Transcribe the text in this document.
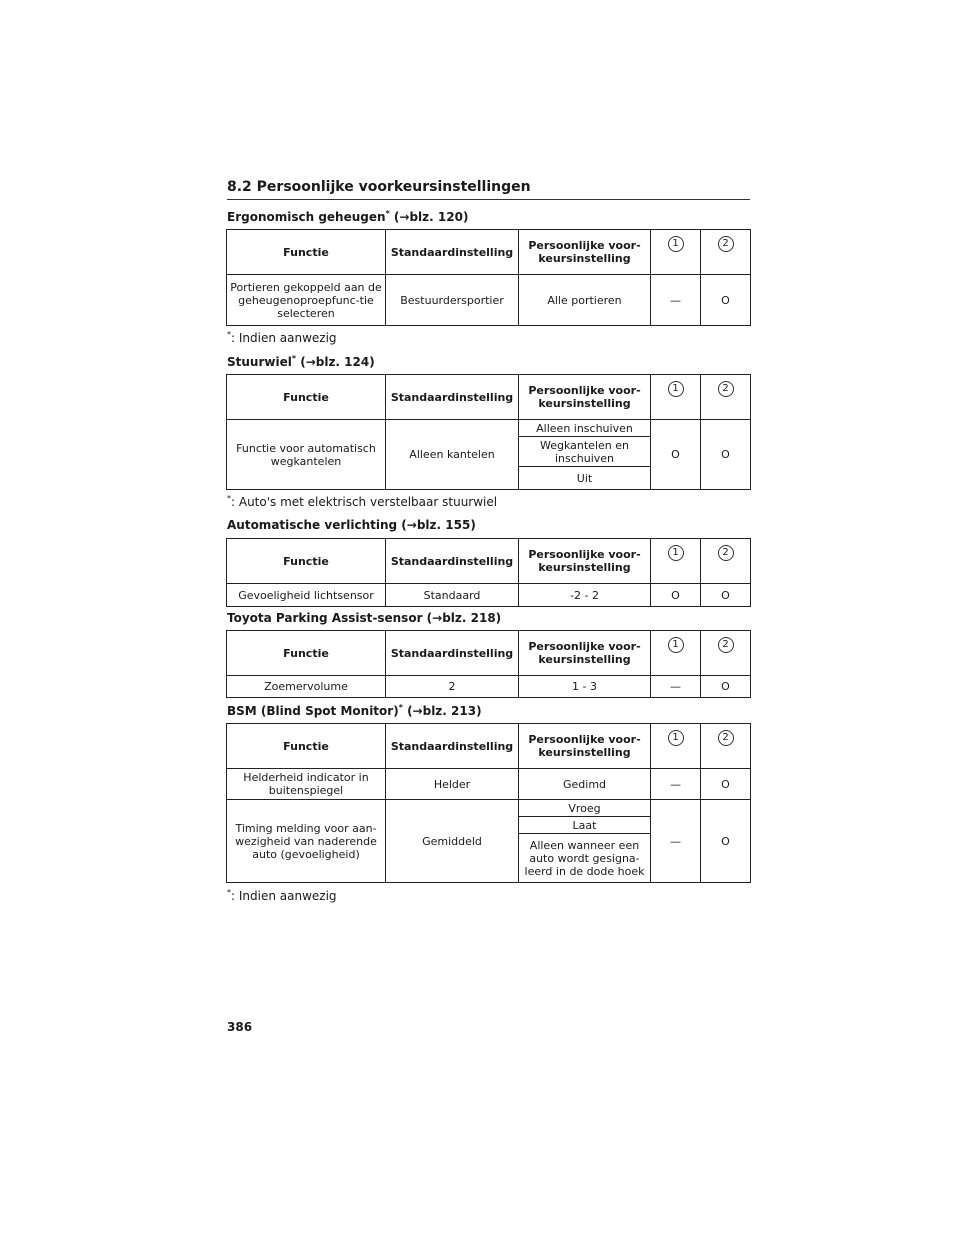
8.2 Persoonlijke voorkeursinstellingen
Ergonomisch geheugen* (→blz. 120)
Functie	Standaardinstelling	Persoonlijke voor-
keursinstelling	1	2
Portieren gekoppeld aan de geheugenoproepfunc-tie selecteren	Bestuurdersportier	Alle portieren	—	O
*: Indien aanwezig
Stuurwiel* (→blz. 124)
Functie	Standaardinstelling	Persoonlijke voor-
keursinstelling	1	2
Functie voor automatisch wegkantelen	Alleen kantelen	Alleen inschuiven	O	O
		Wegkantelen en inschuiven		
		Uit		
*: Auto's met elektrisch verstelbaar stuurwiel
Automatische verlichting (→blz. 155)
Functie	Standaardinstelling	Persoonlijke voor-
keursinstelling	1	2
Gevoeligheid lichtsensor	Standaard	-2 - 2	O	O
Toyota Parking Assist-sensor (→blz. 218)
Functie	Standaardinstelling	Persoonlijke voor-
keursinstelling	1	2
Zoemervolume	2	1 - 3	—	O
BSM (Blind Spot Monitor)* (→blz. 213)
Functie	Standaardinstelling	Persoonlijke voor-
keursinstelling	1	2
Helderheid indicator in buitenspiegel	Helder	Gedimd	—	O
Timing melding voor aan-wezigheid van naderende auto (gevoeligheid)	Gemiddeld	Vroeg	—	O
		Laat		
		Alleen wanneer een auto wordt gesigna-leerd in de dode hoek		
*: Indien aanwezig
386
